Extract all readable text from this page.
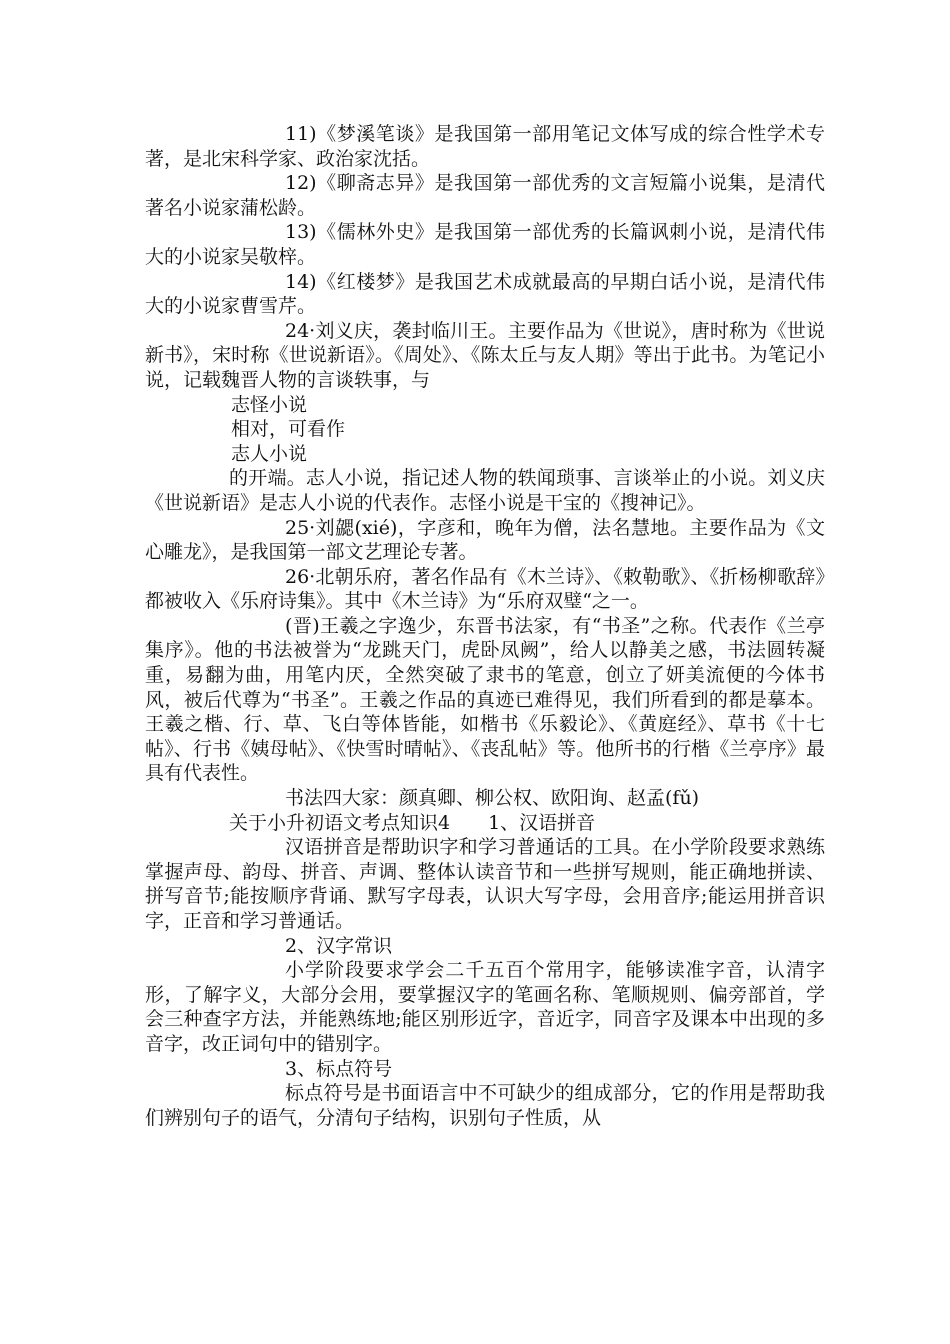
11)《梦溪笔谈》是我国第一部用笔记文体写成的综合性学术专著，是北宋科学家、政治家沈括。

12)《聊斋志异》是我国第一部优秀的文言短篇小说集，是清代著名小说家蒲松龄。

13)《儒林外史》是我国第一部优秀的长篇讽刺小说，是清代伟大的小说家吴敬梓。

14)《红楼梦》是我国艺术成就最高的早期白话小说，是清代伟大的小说家曹雪芹。

24·刘义庆，袭封临川王。主要作品为《世说》，唐时称为《世说新书》，宋时称《世说新语》。《周处》、《陈太丘与友人期》等出于此书。为笔记小说，记载魏晋人物的言谈轶事，与

志怪小说

相对，可看作

志人小说

的开端。志人小说，指记述人物的轶闻琐事、言谈举止的小说。刘义庆《世说新语》是志人小说的代表作。志怪小说是干宝的《搜神记》。

25·刘勰(xié)，字彦和，晚年为僧，法名慧地。主要作品为《文心雕龙》，是我国第一部文艺理论专著。

26·北朝乐府，著名作品有《木兰诗》、《敕勒歌》、《折杨柳歌辞》都被收入《乐府诗集》。其中《木兰诗》为“乐府双璧“之一。

(晋)王羲之字逸少，东晋书法家，有“书圣”之称。代表作《兰亭集序》。他的书法被誉为“龙跳天门，虎卧凤阙”，给人以静美之感，书法圆转凝重，易翻为曲，用笔内厌，全然突破了隶书的笔意，创立了妍美流便的今体书风，被后代尊为“书圣”。王羲之作品的真迹已难得见，我们所看到的都是摹本。王羲之楷、行、草、飞白等体皆能，如楷书《乐毅论》、《黄庭经》、草书《十七帖》、行书《姨母帖》、《快雪时晴帖》、《丧乱帖》等。他所书的行楷《兰亭序》最具有代表性。

书法四大家：颜真卿、柳公权、欧阳询、赵孟(fǔ)

关于小升初语文考点知识4　　1、汉语拼音

汉语拼音是帮助识字和学习普通话的工具。在小学阶段要求熟练掌握声母、韵母、拼音、声调、整体认读音节和一些拼写规则，能正确地拼读、拼写音节;能按顺序背诵、默写字母表，认识大写字母，会用音序;能运用拼音识字，正音和学习普通话。

2、汉字常识

小学阶段要求学会二千五百个常用字，能够读准字音，认清字形，了解字义，大部分会用，要掌握汉字的笔画名称、笔顺规则、偏旁部首，学会三种查字方法，并能熟练地;能区别形近字，音近字，同音字及课本中出现的多音字，改正词句中的错别字。

3、标点符号

标点符号是书面语言中不可缺少的组成部分，它的作用是帮助我们辨别句子的语气，分清句子结构，识别句子性质，从
